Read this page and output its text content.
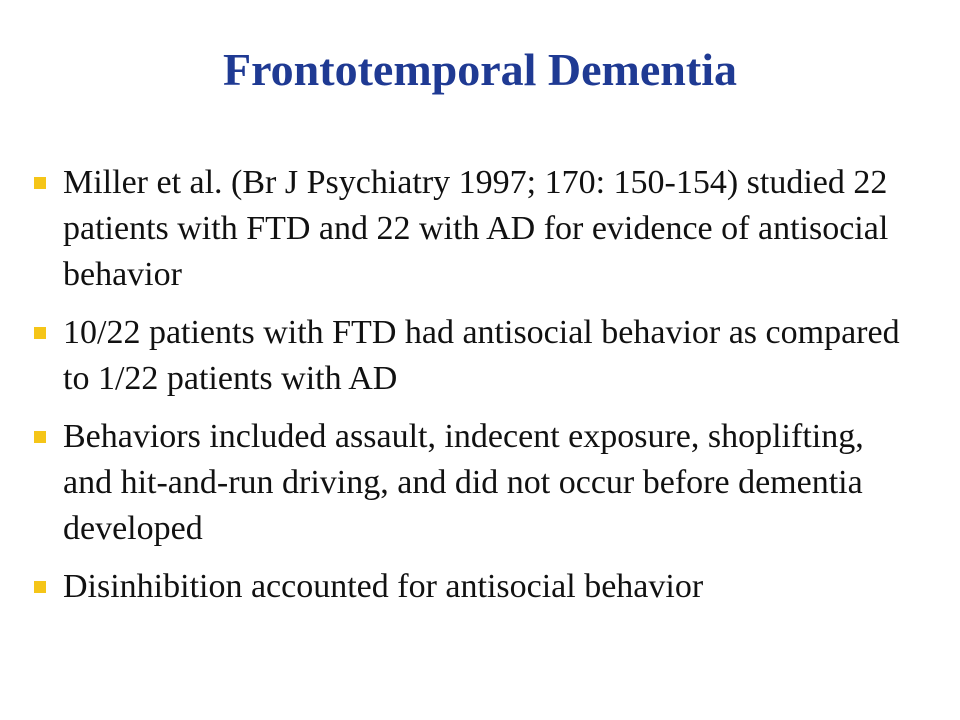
Frontotemporal Dementia
Miller et al. (Br J Psychiatry 1997; 170: 150-154) studied 22 patients with FTD and 22 with AD for evidence of antisocial behavior
10/22 patients with FTD had antisocial behavior as compared to 1/22 patients with AD
Behaviors included assault, indecent exposure, shoplifting, and hit-and-run driving, and did not occur before dementia developed
Disinhibition accounted for antisocial behavior
